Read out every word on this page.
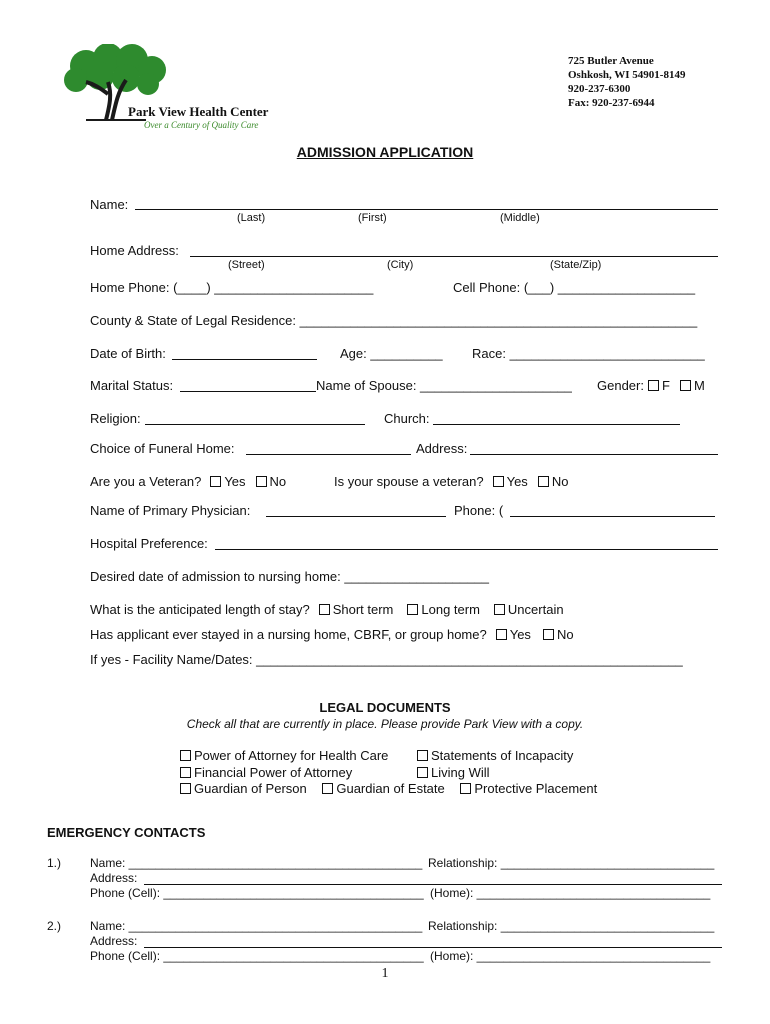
Park View Health Center
Over a Century of Quality Care
725 Butler Avenue
Oshkosh, WI 54901-8149
920-237-6300
Fax: 920-237-6944
ADMISSION APPLICATION
Name:
(Last)	(First)	(Middle)
Home Address:
(Street)	(City)	(State/Zip)
Home Phone: (____) ______________________	Cell Phone: (___) ___________________
County & State of Legal Residence: _______________________________________________________
Date of Birth:	Age: __________ Race: ___________________________
Marital Status:	Name of Spouse: _____________________ Gender: F M
Religion:	Church:
Choice of Funeral Home:	Address:
Are you a Veteran? Yes No	Is your spouse a veteran? Yes No
Name of Primary Physician:	Phone: (
Hospital Preference:
Desired date of admission to nursing home: ____________________
What is the anticipated length of stay? Short term Long term Uncertain
Has applicant ever stayed in a nursing home, CBRF, or group home? Yes No
If yes - Facility Name/Dates: ___________________________________________________________
LEGAL DOCUMENTS
Check all that are currently in place. Please provide Park View with a copy.
Power of Attorney for Health Care	Statements of Incapacity
Financial Power of Attorney	Living Will
Guardian of Person Guardian of Estate Protective Placement
EMERGENCY CONTACTS
1.) Name: ____________________________________________ Relationship: ________________________________
Address:
Phone (Cell): _______________________________________ (Home): ___________________________________
2.) Name: ____________________________________________ Relationship: ________________________________
Address:
Phone (Cell): _______________________________________ (Home): ___________________________________
1
